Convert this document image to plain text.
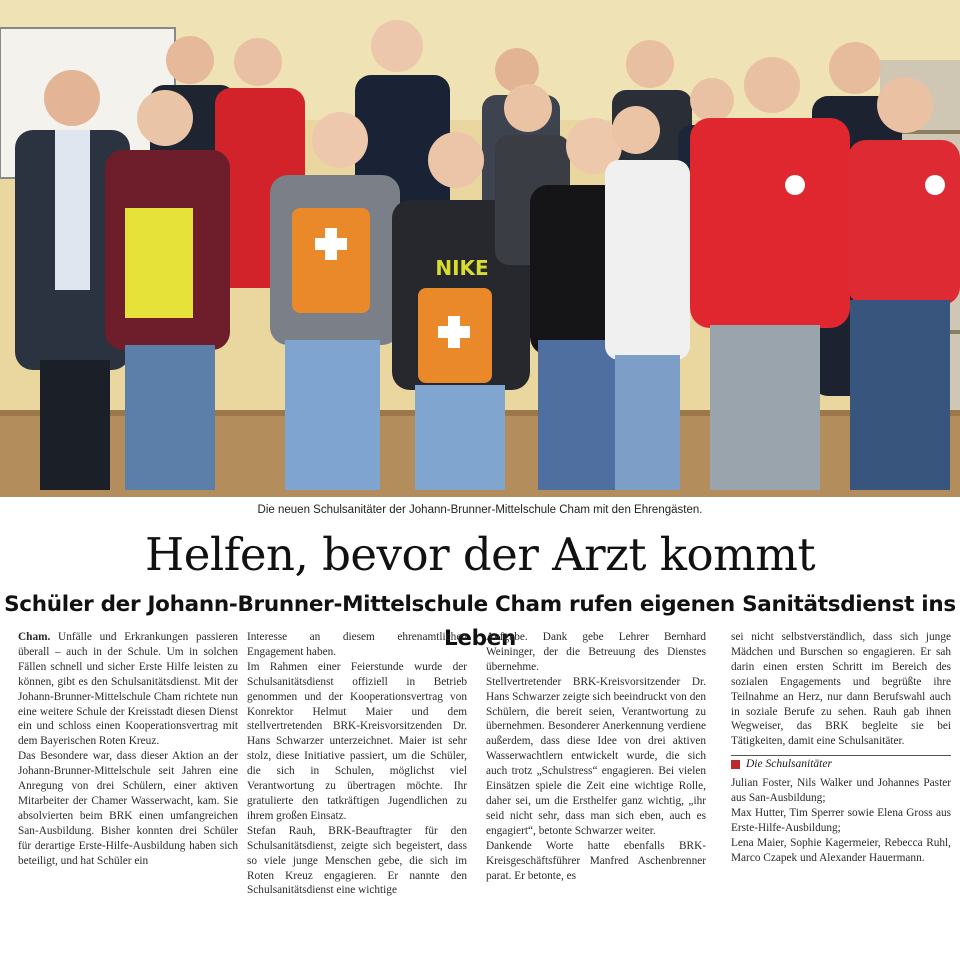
NIKE
Die neuen Schulsanitäter der Johann-Brunner-Mittelschule Cham mit den Ehrengästen.
Helfen, bevor der Arzt kommt
Schüler der Johann-Brunner-Mittelschule Cham rufen eigenen Sanitätsdienst ins Leben

Cham. Unfälle und Erkrankungen passieren überall – auch in der Schule. Um in solchen Fällen schnell und sicher Erste Hilfe leisten zu können, gibt es den Schulsanitätsdienst. Mit der Johann-Brunner-Mittelschule Cham richtete nun eine weitere Schule der Kreisstadt diesen Dienst ein und schloss einen Kooperationsvertrag mit dem Bayerischen Roten Kreuz.

Das Besondere war, dass dieser Aktion an der Johann-Brunner-Mittelschule seit Jahren eine Anregung von drei Schülern, einer aktiven Mitarbeiter der Chamer Wasserwacht, kam. Sie absolvierten beim BRK einen umfangreichen San-Ausbildung. Bisher konnten drei Schüler für derartige Erste-Hilfe-Ausbildung haben sich beteiligt, und hat Schüler ein

Interesse an diesem ehrenamtlichen Engagement haben.

Im Rahmen einer Feierstunde wurde der Schulsanitätsdienst offiziell in Betrieb genommen und der Kooperationsvertrag von Konrektor Helmut Maier und dem stellvertretenden BRK-Kreisvorsitzenden Dr. Hans Schwarzer unterzeichnet. Maier ist sehr stolz, diese Initiative passiert, um die Schüler, die sich in Schulen, möglichst viel Verantwortung zu übertragen möchte. Ihr gratulierte den tatkräftigen Jugendlichen zu ihrem großen Einsatz.

Stefan Rauh, BRK-Beauftragter für den Schulsanitätsdienst, zeigte sich begeistert, dass so viele junge Menschen gebe, die sich im Roten Kreuz engagieren. Er nannte den Schulsanitätsdienst eine wichtige

Aufgabe. Dank gebe Lehrer Bernhard Weininger, der die Betreuung des Dienstes übernehme.

Stellvertretender BRK-Kreisvorsitzender Dr. Hans Schwarzer zeigte sich beeindruckt von den Schülern, die bereit seien, Verantwortung zu übernehmen. Besonderer Anerkennung verdiene außerdem, dass diese Idee von drei aktiven Wasserwachtlern entwickelt wurde, die sich auch trotz „Schulstress“ engagieren. Bei vielen Einsätzen spiele die Zeit eine wichtige Rolle, daher sei, um die Ersthelfer ganz wichtig, „ihr seid nicht sehr, dass man sich eben, auch es engagiert“, betonte Schwarzer weiter.

Dankende Worte hatte ebenfalls BRK-Kreisgeschäftsführer Manfred Aschenbrenner parat. Er betonte, es

sei nicht selbstverständlich, dass sich junge Mädchen und Burschen so engagieren. Er sah darin einen ersten Schritt im Bereich des sozialen Engagements und begrüßte ihre Teilnahme an Herz, nur dann Berufswahl auch in soziale Berufe zu sehen. Rauh gab ihnen Wegweiser, das BRK begleite sie bei Tätigkeiten, damit eine Schulsanitäter.

Die Schulsanitäter

Julian Foster, Nils Walker und Johannes Paster aus San-Ausbildung;

Max Hutter, Tim Sperrer sowie Elena Gross aus Erste-Hilfe-Ausbildung;

Lena Maier, Sophie Kagermeier, Rebecca Ruhl, Marco Czapek und Alexander Hauermann.
